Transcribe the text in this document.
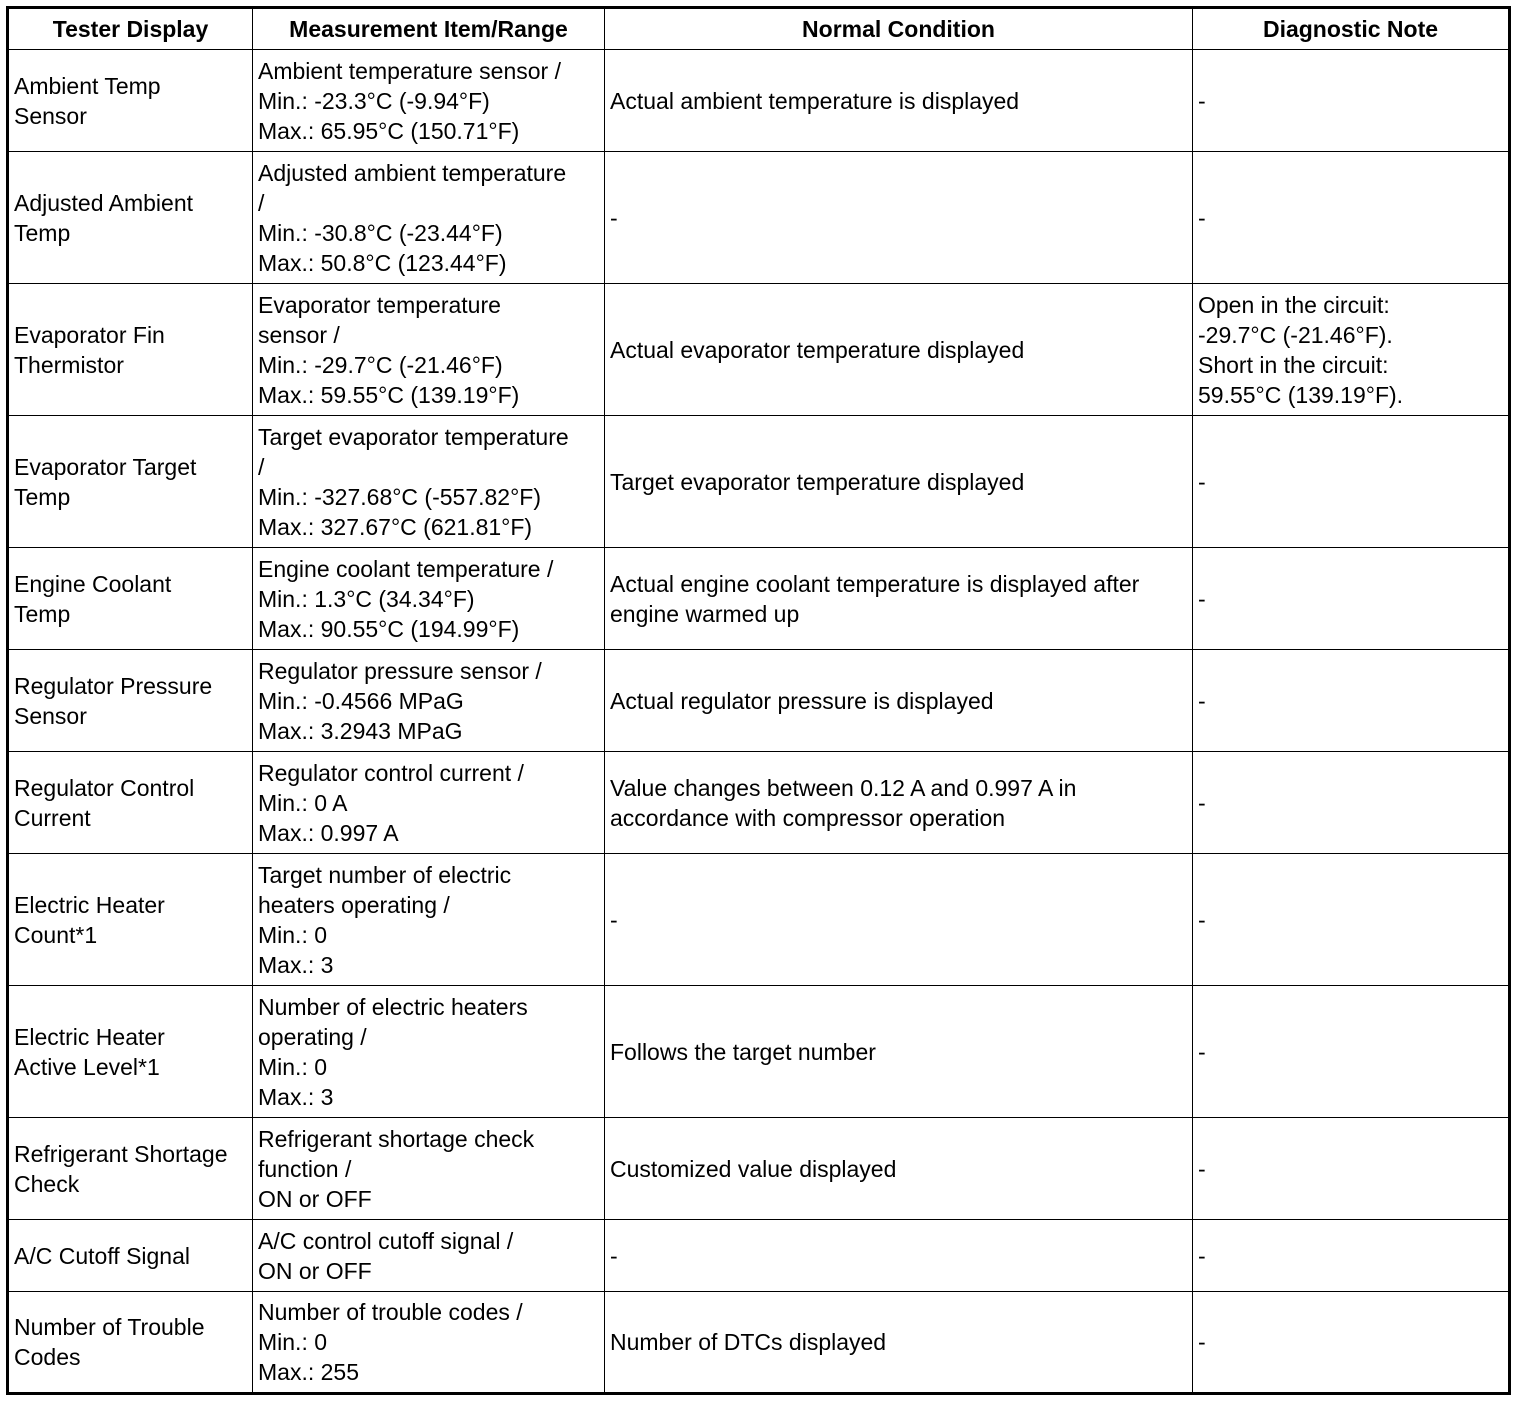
Tester Display	Measurement Item/Range	Normal Condition	Diagnostic Note

Ambient Temp
Sensor	Ambient temperature sensor /
Min.: -23.3°C (-9.94°F)
Max.: 65.95°C (150.71°F)	Actual ambient temperature is displayed	-

Adjusted Ambient
Temp	Adjusted ambient temperature
/
Min.: -30.8°C (-23.44°F)
Max.: 50.8°C (123.44°F)	-	-

Evaporator Fin
Thermistor	Evaporator temperature
sensor /
Min.: -29.7°C (-21.46°F)
Max.: 59.55°C (139.19°F)	Actual evaporator temperature displayed	Open in the circuit:
-29.7°C (-21.46°F).
Short in the circuit:
59.55°C (139.19°F).

Evaporator Target
Temp	Target evaporator temperature
/
Min.: -327.68°C (-557.82°F)
Max.: 327.67°C (621.81°F)	Target evaporator temperature displayed	-

Engine Coolant
Temp	Engine coolant temperature /
Min.: 1.3°C (34.34°F)
Max.: 90.55°C (194.99°F)	Actual engine coolant temperature is displayed after
engine warmed up	-

Regulator Pressure
Sensor	Regulator pressure sensor /
Min.: -0.4566 MPaG
Max.: 3.2943 MPaG	Actual regulator pressure is displayed	-

Regulator Control
Current	Regulator control current /
Min.: 0 A
Max.: 0.997 A	Value changes between 0.12 A and 0.997 A in
accordance with compressor operation	-

Electric Heater
Count*1	Target number of electric
heaters operating /
Min.: 0
Max.: 3	-	-

Electric Heater
Active Level*1	Number of electric heaters
operating /
Min.: 0
Max.: 3	Follows the target number	-

Refrigerant Shortage
Check	Refrigerant shortage check
function /
ON or OFF	Customized value displayed	-

A/C Cutoff Signal	A/C control cutoff signal /
ON or OFF	-	-

Number of Trouble
Codes	Number of trouble codes /
Min.: 0
Max.: 255	Number of DTCs displayed	-
